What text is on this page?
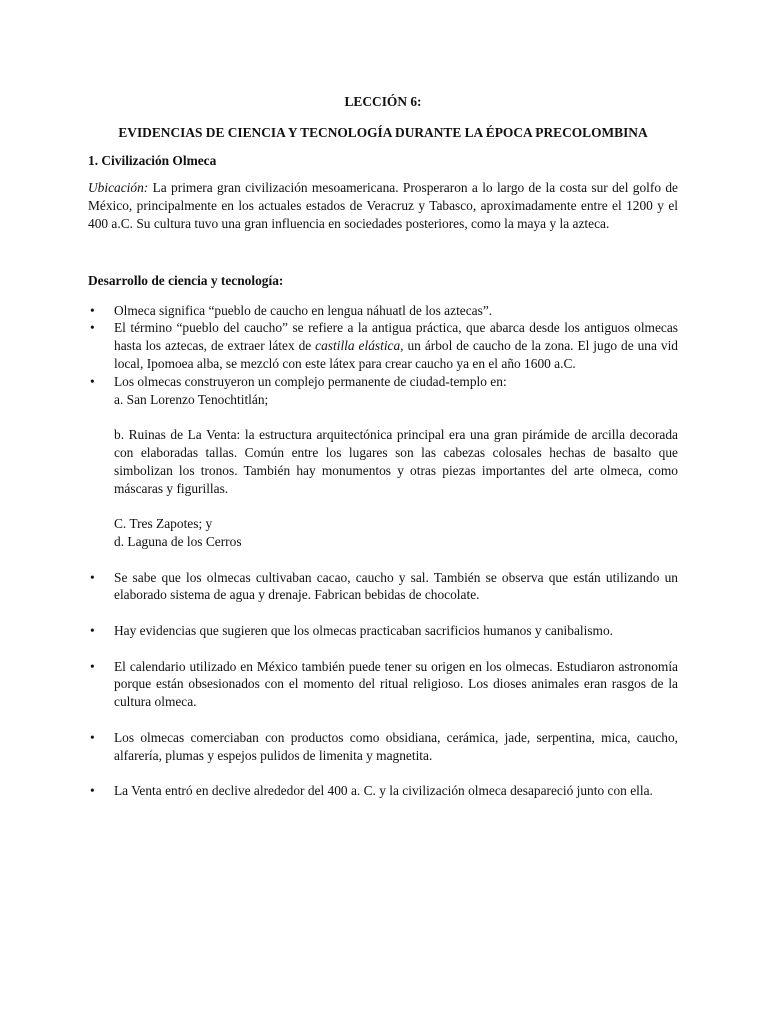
LECCIÓN 6:

EVIDENCIAS DE CIENCIA Y TECNOLOGÍA DURANTE LA ÉPOCA PRECOLOMBINA

1. Civilización Olmeca

Ubicación: La primera gran civilización mesoamericana. Prosperaron a lo largo de la costa sur del golfo de México, principalmente en los actuales estados de Veracruz y Tabasco, aproximadamente entre el 1200 y el 400 a.C. Su cultura tuvo una gran influencia en sociedades posteriores, como la maya y la azteca.

Desarrollo de ciencia y tecnología:

• Olmeca significa “pueblo de caucho en lengua náhuatl de los aztecas”.
• El término “pueblo del caucho” se refiere a la antigua práctica, que abarca desde los antiguos olmecas hasta los aztecas, de extraer látex de castilla elástica, un árbol de caucho de la zona. El jugo de una vid local, Ipomoea alba, se mezcló con este látex para crear caucho ya en el año 1600 a.C.
• Los olmecas construyeron un complejo permanente de ciudad-templo en:
a. San Lorenzo Tenochtitlán;
b. Ruinas de La Venta: la estructura arquitectónica principal era una gran pirámide de arcilla decorada con elaboradas tallas. Común entre los lugares son las cabezas colosales hechas de basalto que simbolizan los tronos. También hay monumentos y otras piezas importantes del arte olmeca, como máscaras y figurillas.
C. Tres Zapotes; y
d. Laguna de los Cerros
• Se sabe que los olmecas cultivaban cacao, caucho y sal. También se observa que están utilizando un elaborado sistema de agua y drenaje. Fabrican bebidas de chocolate.
• Hay evidencias que sugieren que los olmecas practicaban sacrificios humanos y canibalismo.
• El calendario utilizado en México también puede tener su origen en los olmecas. Estudiaron astronomía porque están obsesionados con el momento del ritual religioso. Los dioses animales eran rasgos de la cultura olmeca.
• Los olmecas comerciaban con productos como obsidiana, cerámica, jade, serpentina, mica, caucho, alfarería, plumas y espejos pulidos de limenita y magnetita.
• La Venta entró en declive alrededor del 400 a. C. y la civilización olmeca desapareció junto con ella.
